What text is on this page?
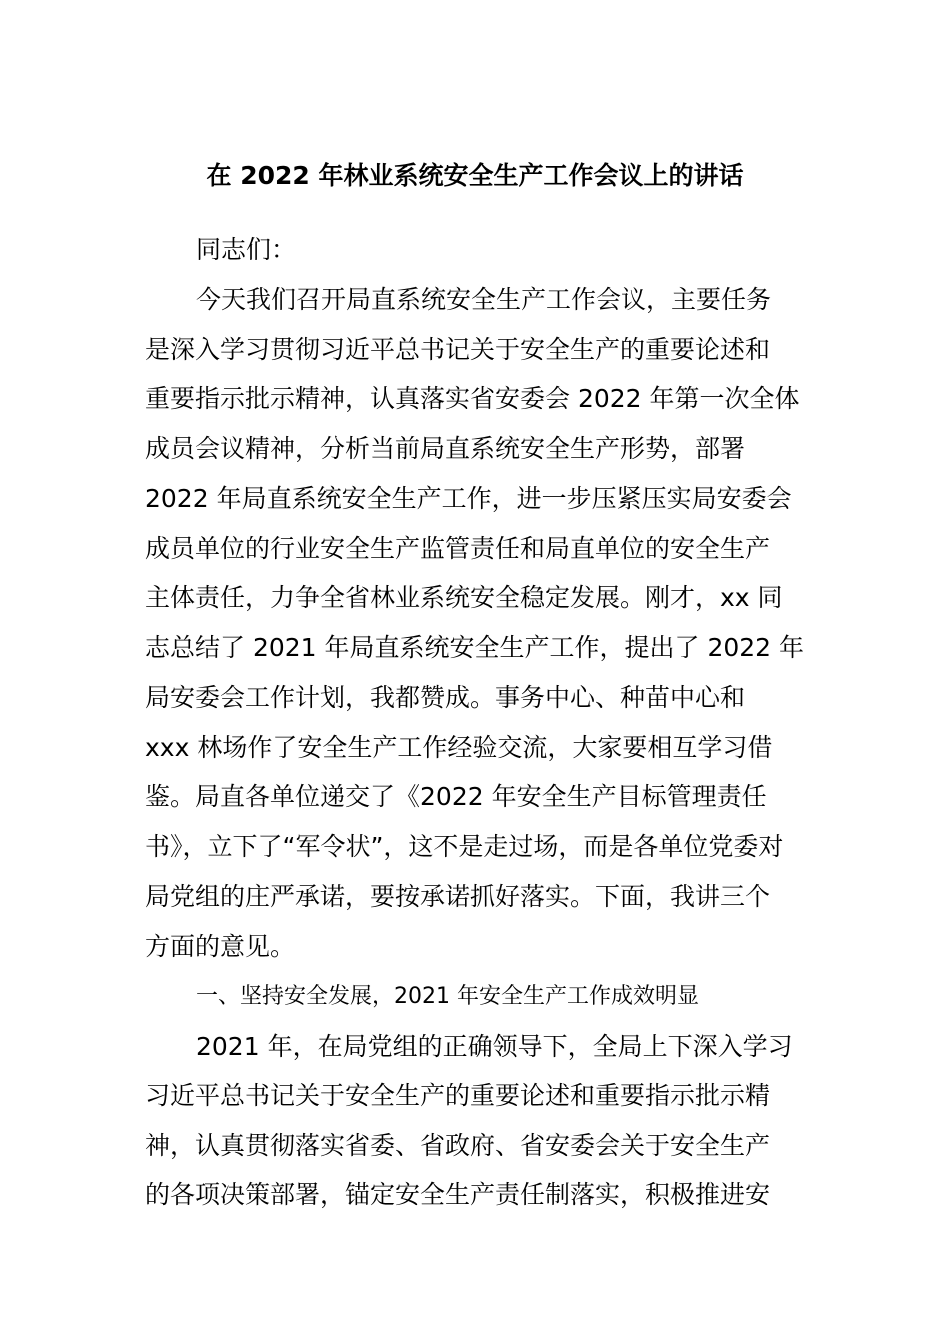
在 2022 年林业系统安全生产工作会议上的讲话
同志们：
今天我们召开局直系统安全生产工作会议，主要任务
是深入学习贯彻习近平总书记关于安全生产的重要论述和
重要指示批示精神，认真落实省安委会 2022 年第一次全体
成员会议精神，分析当前局直系统安全生产形势，部署
2022 年局直系统安全生产工作，进一步压紧压实局安委会
成员单位的行业安全生产监管责任和局直单位的安全生产
主体责任，力争全省林业系统安全稳定发展。刚才，xx 同
志总结了 2021 年局直系统安全生产工作，提出了 2022 年
局安委会工作计划，我都赞成。事务中心、种苗中心和
xxx 林场作了安全生产工作经验交流，大家要相互学习借
鉴。局直各单位递交了《2022 年安全生产目标管理责任
书》，立下了“军令状”，这不是走过场，而是各单位党委对
局党组的庄严承诺，要按承诺抓好落实。下面，我讲三个
方面的意见。
一、坚持安全发展，2021 年安全生产工作成效明显
2021 年，在局党组的正确领导下，全局上下深入学习
习近平总书记关于安全生产的重要论述和重要指示批示精
神，认真贯彻落实省委、省政府、省安委会关于安全生产
的各项决策部署，锚定安全生产责任制落实，积极推进安
